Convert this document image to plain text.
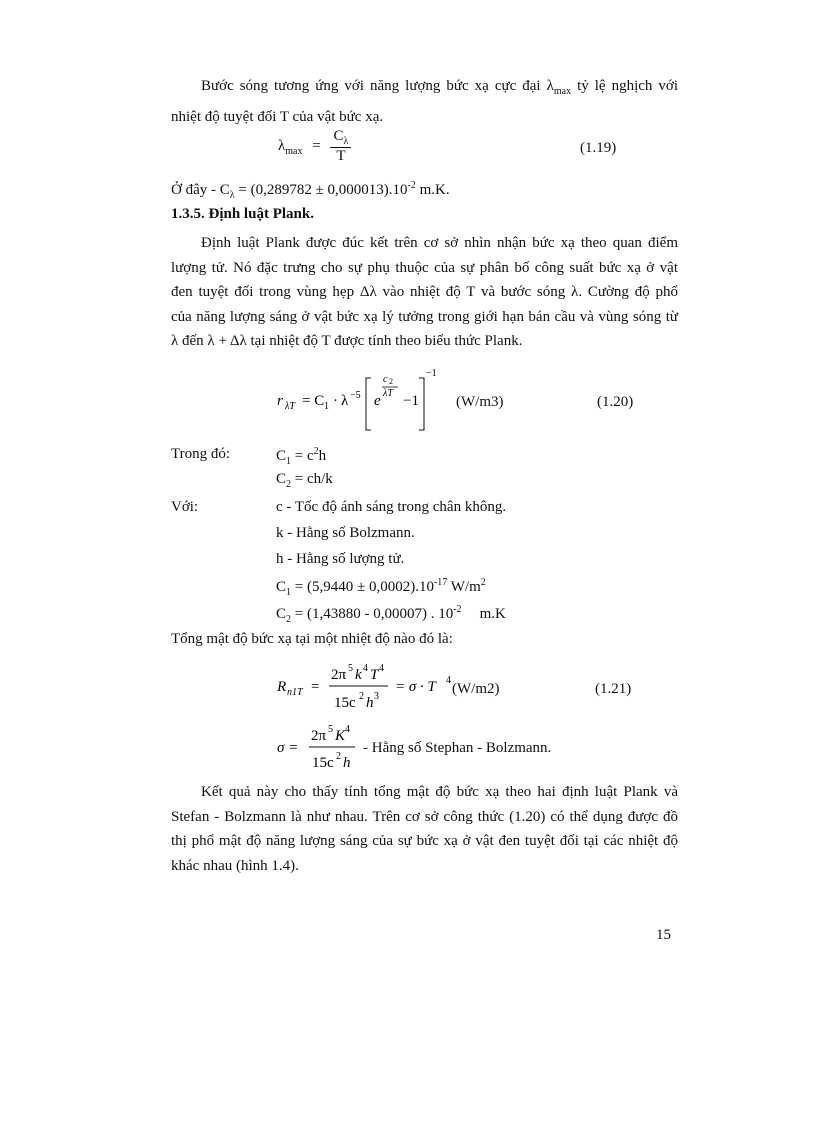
Bước sóng tương ứng với năng lượng bức xạ cực đại $\lambda_{max}$ tỷ lệ nghịch với
nhiệt độ tuyệt đối T của vật bức xạ.
$\lambda_{max} = \frac{C_\lambda}{T}$	(1.19)
Ở đây - $C_\lambda = (0,289782 \pm 0,000013).10^{-2}$ m.K.
1.3.5. Định luật Plank.
Định luật Plank được đúc kết trên cơ sở nhìn nhận bức xạ theo quan điểm
lượng tử. Nó đặc trưng cho sự phụ thuộc của sự phân bố công suất bức xạ ở vật
đen tuyệt đối trong vùng hẹp Δλ vào nhiệt độ T và bước sóng λ. Cường độ phổ
của năng lượng sáng ở vật bức xạ lý tưởng trong giới hạn bán cầu và vùng sóng từ
λ đến λ + Δλ tại nhiệt độ T được tính theo biểu thức Plank.
r λT = C 1 · λ −5 e
c 2
λT −1
−1
(W/m3)	(1.20)
Trong đó:	$C_1 = c^2h$
$C_2 = ch/k$
Với:	c - Tốc độ ánh sáng trong chân không.
k - Hằng số Bolzmann.
h - Hằng số lượng tử.
$C_1 = (5,9440 \pm 0,0002).10^{-17}$ $W/m^2$
$C_2 = (1,43880 - 0,00007)$ . $10^{-2}$ m.K
Tổng mật độ bức xạ tại một nhiệt độ nào đó là:
R n1T =
2π 5 k 4 T 4
15c 2 h 3
= σ · T 4
(W/m2)	(1.21)
σ =
2π 5 K 4
15c 2 h
- Hằng số Stephan - Bolzmann.
Kết quả này cho thấy tính tổng mật độ bức xạ theo hai định luật Plank và
Stefan - Bolzmann là như nhau. Trên cơ sở công thức (1.20) có thể dụng được đồ
thị phổ mật độ năng lượng sáng của sự bức xạ ở vật đen tuyệt đối tại các nhiệt độ
khác nhau (hình 1.4).
15
